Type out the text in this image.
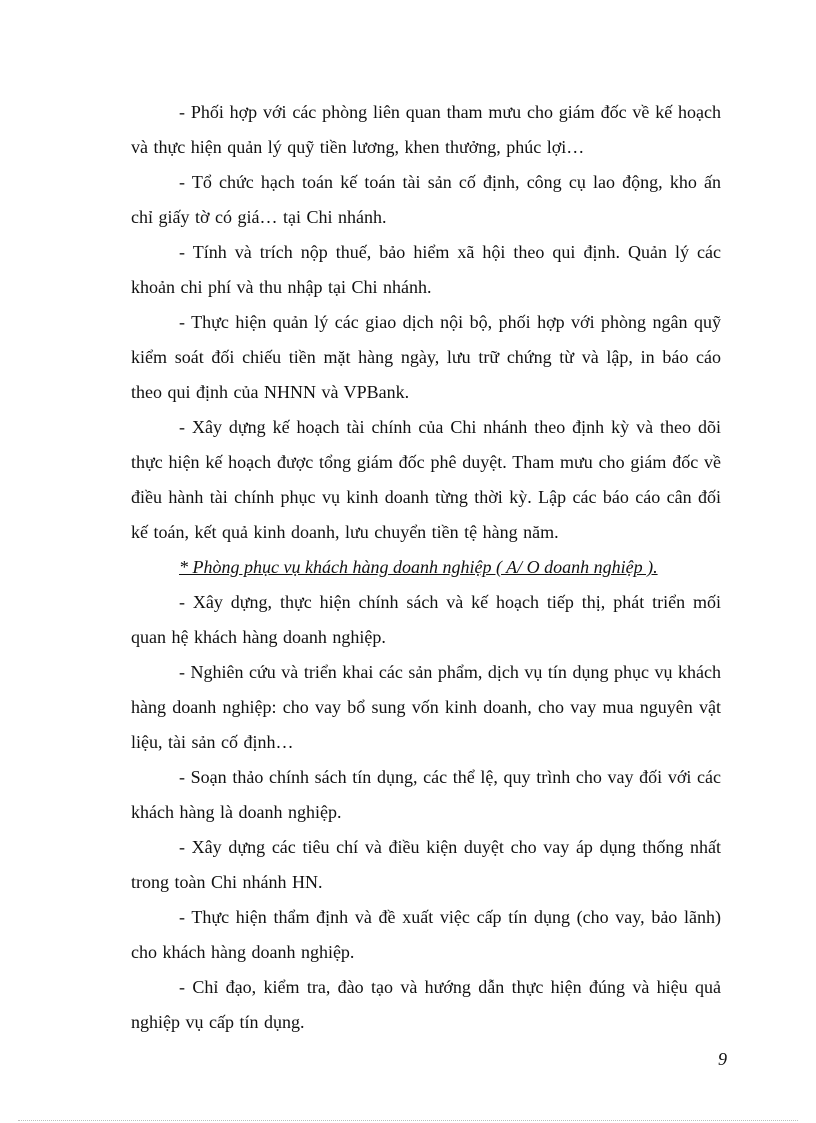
- Phối hợp với các phòng liên quan tham mưu cho giám đốc về kế hoạch và thực hiện quản lý quỹ tiền lương, khen thưởng, phúc lợi…

- Tổ chức hạch toán kế toán tài sản cố định, công cụ lao động, kho ấn chỉ giấy tờ có giá… tại Chi nhánh.

- Tính và trích nộp thuế, bảo hiểm xã hội theo qui định. Quản lý các khoản chi phí và thu nhập tại Chi nhánh.

- Thực hiện quản lý các giao dịch nội bộ, phối hợp với phòng ngân quỹ kiểm soát đối chiếu tiền mặt hàng ngày, lưu trữ chứng từ và lập, in báo cáo theo qui định của NHNN và VPBank.

- Xây dựng kế hoạch tài chính của Chi nhánh theo định kỳ và theo dõi thực hiện kế hoạch được tổng giám đốc phê duyệt. Tham mưu cho giám đốc về điều hành tài chính phục vụ kinh doanh từng thời kỳ. Lập các báo cáo cân đối kế toán, kết quả kinh doanh, lưu chuyển tiền tệ hàng năm.

* Phòng phục vụ khách hàng doanh nghiệp ( A/ O doanh nghiệp ).

- Xây dựng, thực hiện chính sách và kế hoạch tiếp thị, phát triển mối quan hệ khách hàng doanh nghiệp.

- Nghiên cứu và triển khai các sản phẩm, dịch vụ tín dụng phục vụ khách hàng doanh nghiệp: cho vay bổ sung vốn kinh doanh, cho vay mua nguyên vật liệu, tài sản cố định…

- Soạn thảo chính sách tín dụng, các thể lệ, quy trình cho vay đối với các khách hàng là doanh nghiệp.

- Xây dựng các tiêu chí và điều kiện duyệt cho vay áp dụng thống nhất trong toàn Chi nhánh HN.

- Thực hiện thẩm định và đề xuất việc cấp tín dụng (cho vay, bảo lãnh) cho khách hàng doanh nghiệp.

- Chỉ đạo, kiểm tra, đào tạo và hướng dẫn thực hiện đúng và hiệu quả nghiệp vụ cấp tín dụng.

9
